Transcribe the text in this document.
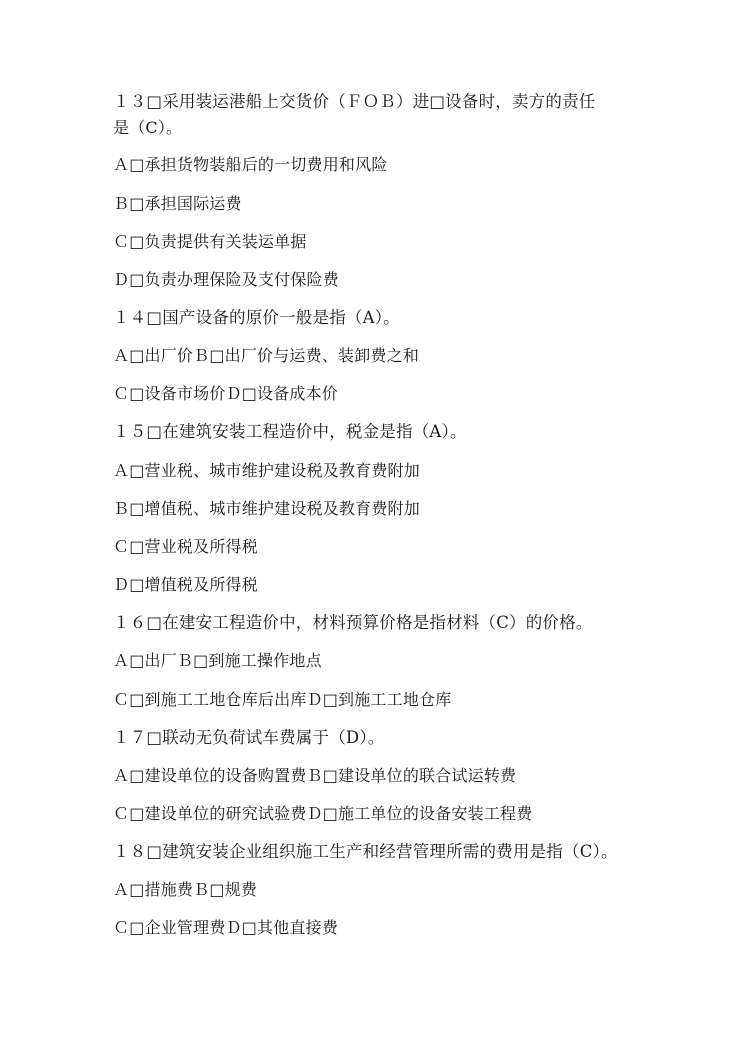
１３□采用装运港船上交货价（ＦＯＢ）进□设备时，卖方的责任
是（C）。
Ａ□承担货物装船后的一切费用和风险
Ｂ□承担国际运费
Ｃ□负责提供有关装运单据
Ｄ□负责办理保险及支付保险费
１４□国产设备的原价一般是指（A）。
Ａ□出厂价Ｂ□出厂价与运费、装卸费之和
Ｃ□设备市场价Ｄ□设备成本价
１５□在建筑安装工程造价中，税金是指（A）。
Ａ□营业税、城市维护建设税及教育费附加
Ｂ□增值税、城市维护建设税及教育费附加
Ｃ□营业税及所得税
Ｄ□增值税及所得税
１６□在建安工程造价中，材料预算价格是指材料（C）的价格。
Ａ□出厂Ｂ□到施工操作地点
Ｃ□到施工工地仓库后出库Ｄ□到施工工地仓库
１７□联动无负荷试车费属于（D）。
Ａ□建设单位的设备购置费Ｂ□建设单位的联合试运转费
Ｃ□建设单位的研究试验费Ｄ□施工单位的设备安装工程费
１８□建筑安装企业组织施工生产和经营管理所需的费用是指（C）。
Ａ□措施费Ｂ□规费
Ｃ□企业管理费Ｄ□其他直接费
